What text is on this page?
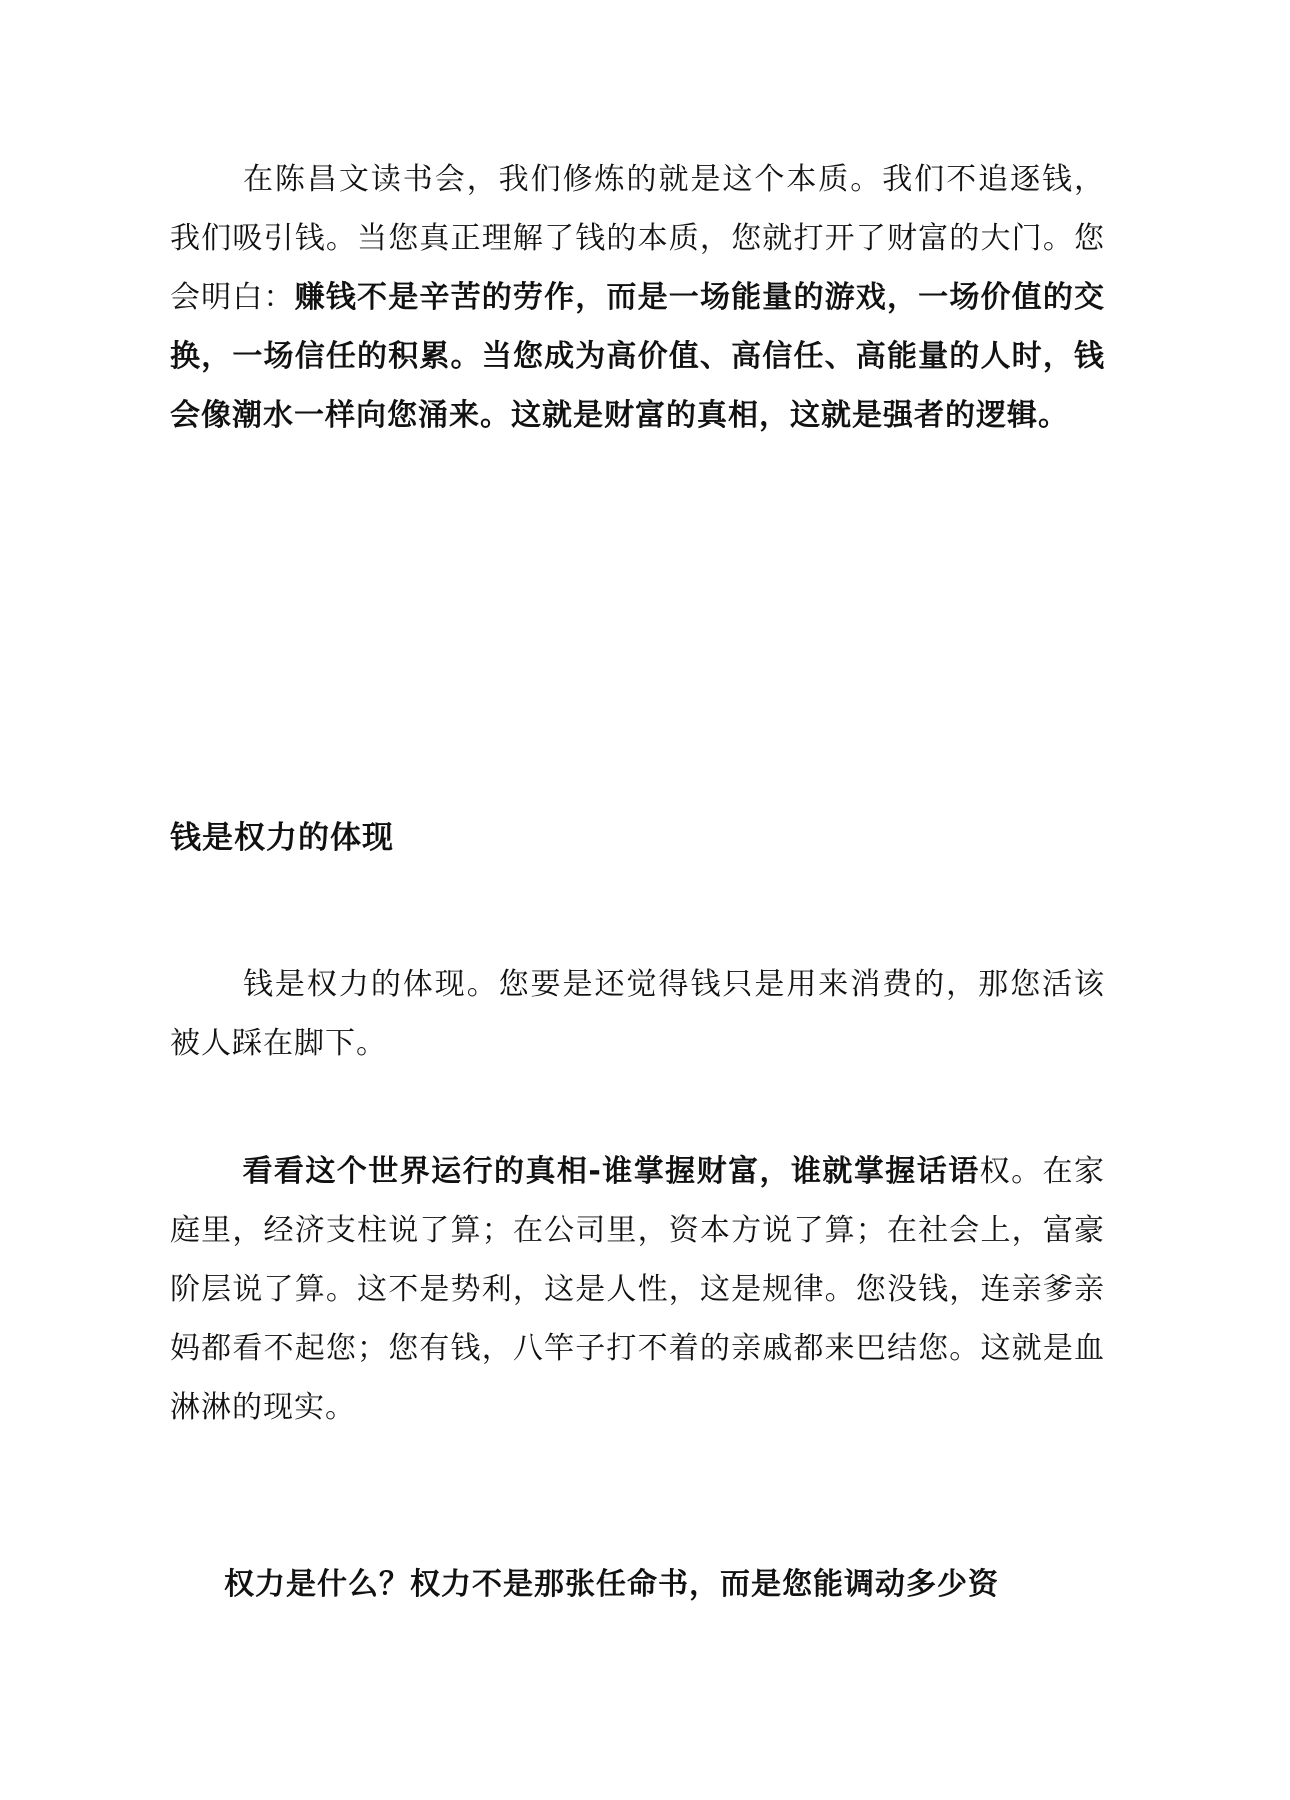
在陈昌文读书会，我们修炼的就是这个本质。我们不追逐钱，我们吸引钱。当您真正理解了钱的本质，您就打开了财富的大门。您会明白：赚钱不是辛苦的劳作，而是一场能量的游戏，一场价值的交换，一场信任的积累。当您成为高价值、高信任、高能量的人时，钱会像潮水一样向您涌来。这就是财富的真相，这就是强者的逻辑。

钱是权力的体现

钱是权力的体现。您要是还觉得钱只是用来消费的，那您活该被人踩在脚下。

看看这个世界运行的真相-谁掌握财富，谁就掌握话语权。在家庭里，经济支柱说了算；在公司里，资本方说了算；在社会上，富豪阶层说了算。这不是势利，这是人性，这是规律。您没钱，连亲爹亲妈都看不起您；您有钱，八竿子打不着的亲戚都来巴结您。这就是血淋淋的现实。

权力是什么？权力不是那张任命书，而是您能调动多少资
